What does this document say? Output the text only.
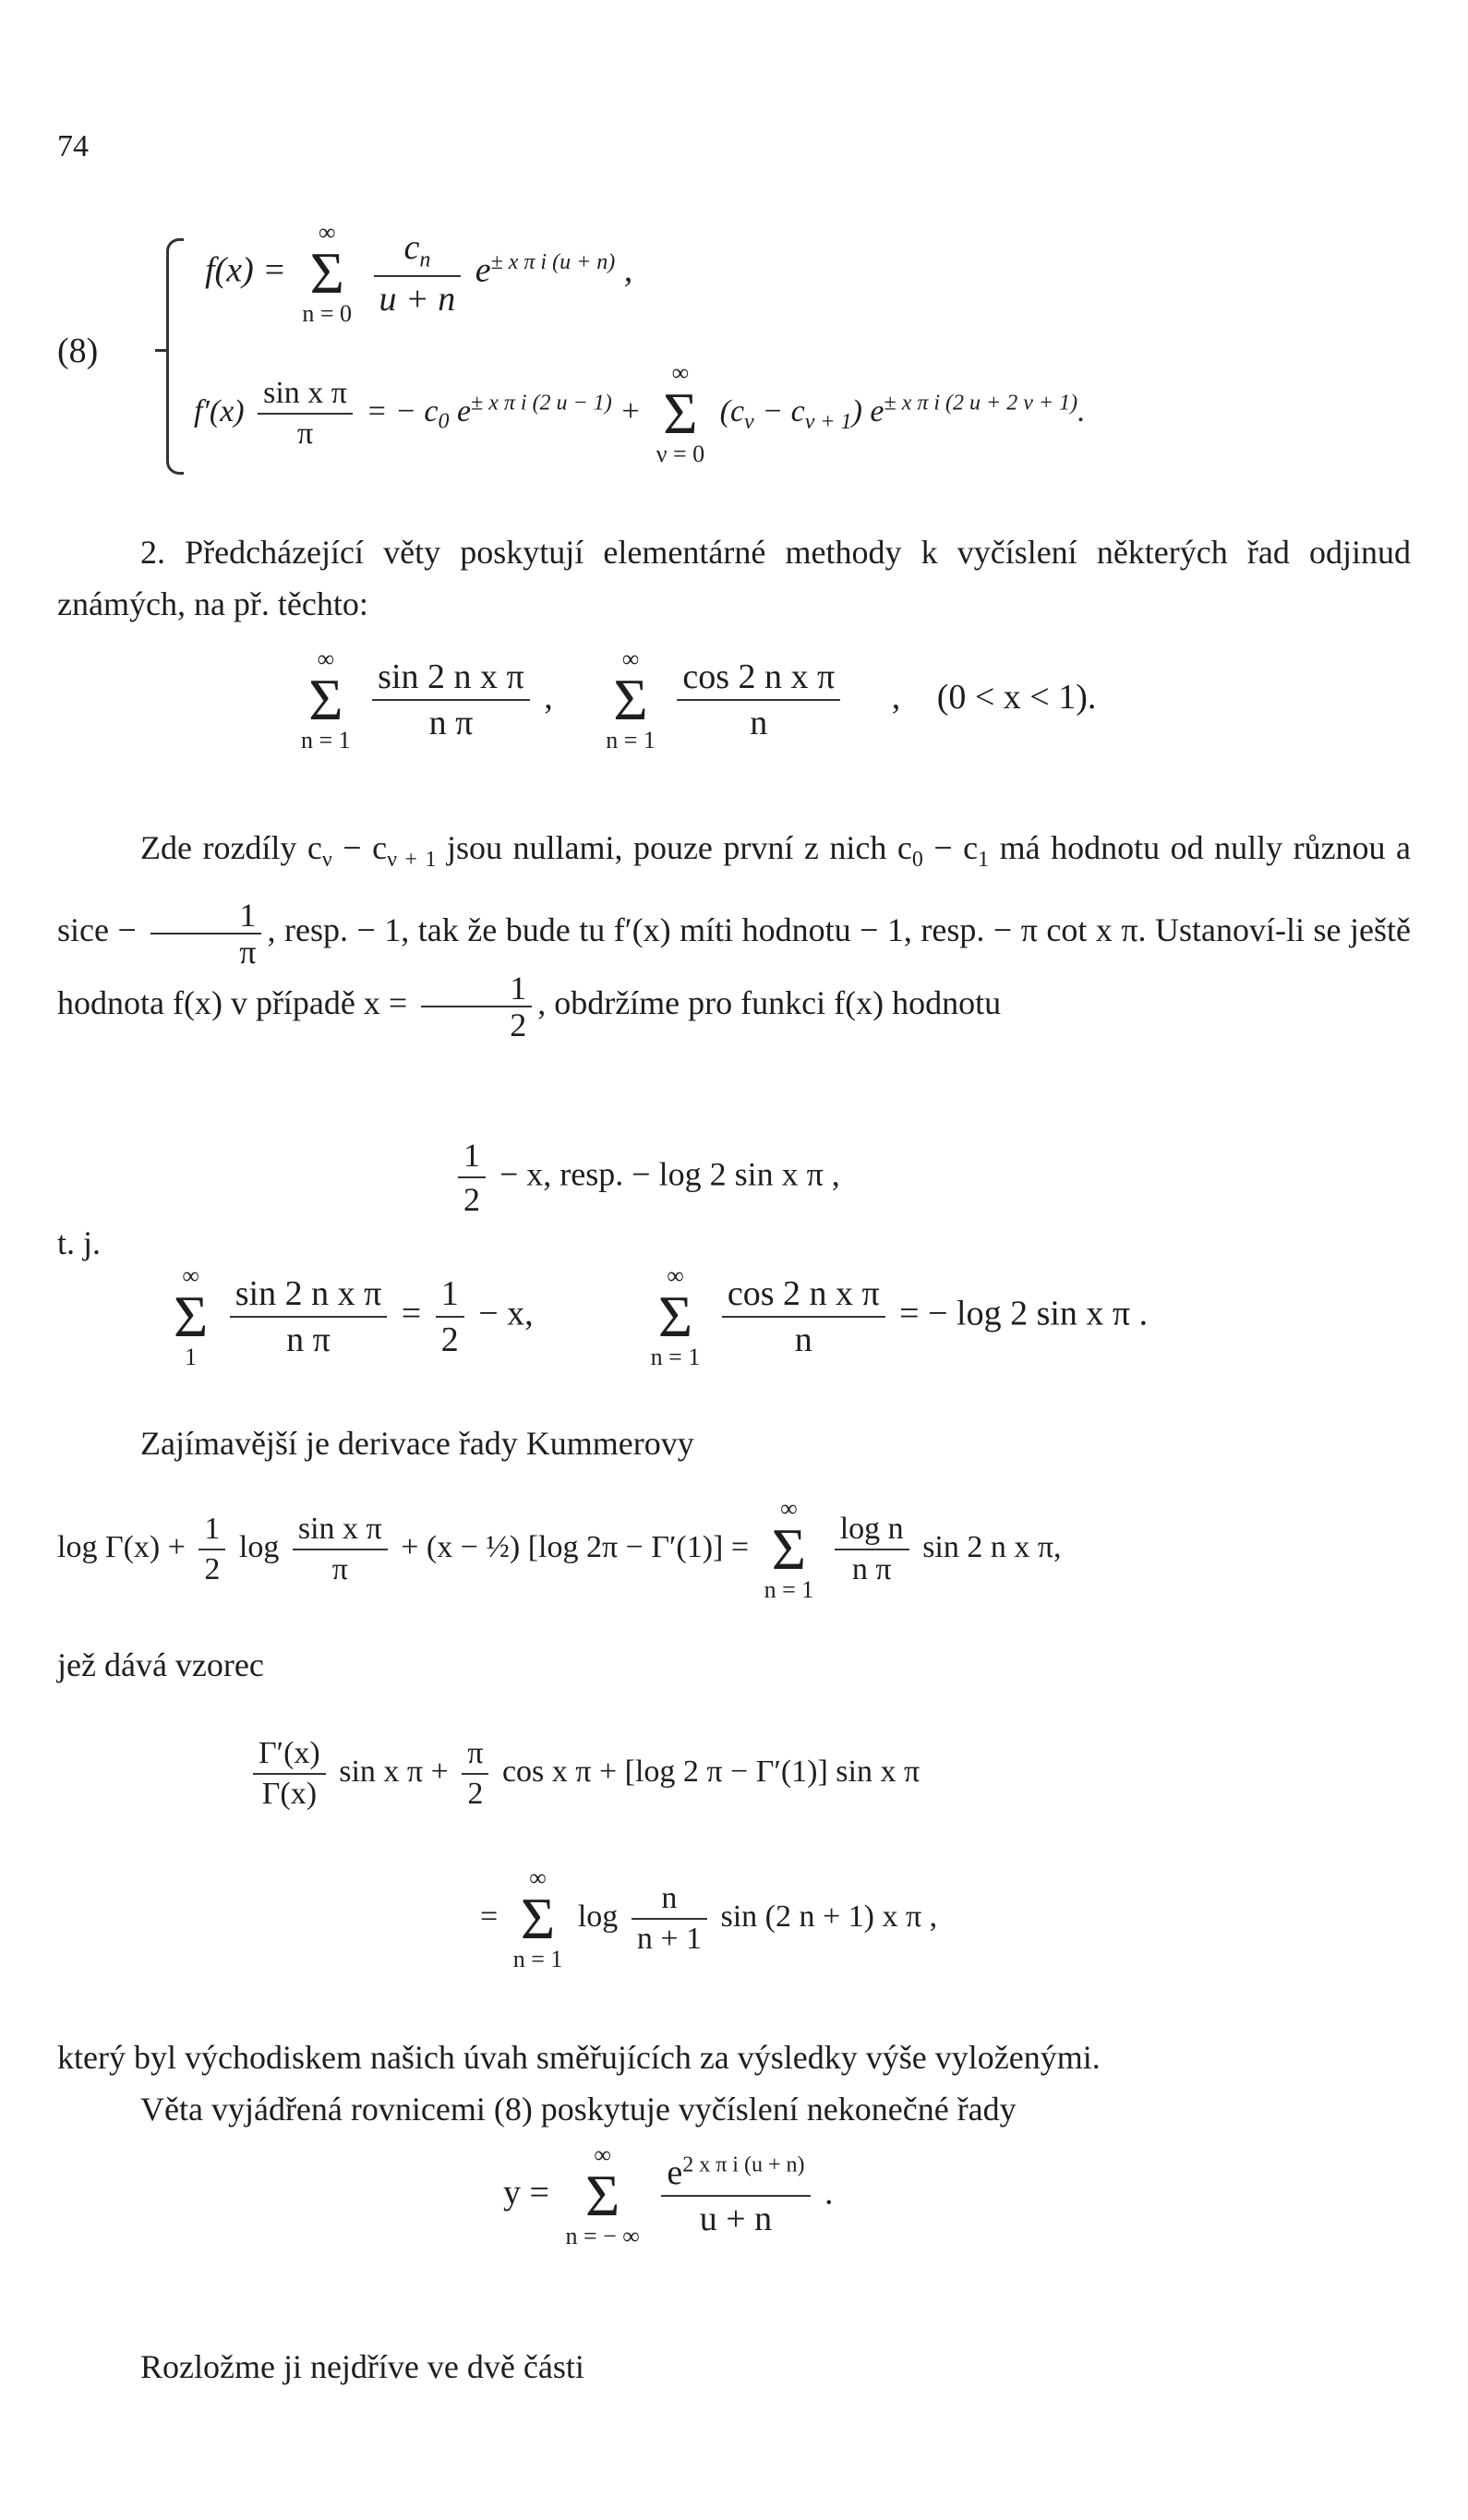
74
(8)
f(x) =
∞
Σ
n = 0
$\frac{c_n}{u + n} e^{\pm x \pi i (u + n)}$ ,
$f'(x) \frac{\text{sin x π}}{\pi}$ = − $c_0$ $e^{\pm x \pi i (2 u - 1)}$ +
∞
Σ
ν = 0
$(c_\nu - c_{\nu + 1})$ $e^{\pm x \pi i (2 u + 2 \nu + 1)}$.
2. Předcházející věty poskytují elementárné methody k vyčíslení některých řad odjinud známých, na př. těchto:
∞
Σ
n = 1
$\frac{\text{sin 2 n x π}}{\text{n π}}$ ,
∞
Σ
n = 1
$\frac{\text{cos 2 n x π}}{n}$ , (0 < x < 1).
Zde rozdíly $c_\nu - c_{\nu + 1}$ jsou nullami, pouze první z nich $c_0 - c_1$ má hodnotu od nully různou a sice − $\frac{1}{\pi}$ , resp. − 1, tak že bude tu f′(x) míti hodnotu − 1, resp. − π cot x π. Ustanoví-li se ještě hodnota f(x) v případě $x = \frac{1}{2}$ , obdržíme pro funkci f(x) hodnotu
$\frac{1}{2} - x$, resp. − log 2 sin x π ,
t. j.
∞
Σ
1
$\frac{\text{sin 2 n x π}}{\text{n π}} = \frac{1}{2} - x$,
∞
Σ
n = 1
$\frac{\text{cos 2 n x π}}{n}$ = − log 2 sin x π .
Zajímavější je derivace řady Kummerovy
$\log \Gamma(x) + \frac{1}{2}$ $\log \frac{\text{sin x π}}{\pi} + (x$ − ½) [log 2π − Γ′(1)] =
∞
Σ
n = 1

$\frac{\text{log n}}{\text{n π}}$ sin 2 n x π,
jež dává vzorec
$\frac{\Gamma'(x)}{\Gamma(x)}$ sin x $\pi + \frac{\pi}{2}$ cos x π + [log 2 π − Γ′(1)] sin x π
=
∞
Σ
n = 1
$\log \frac{n}{n + 1}$ sin (2 n + 1) x π ,
který byl východiskem našich úvah směřujících za výsledky výše vyloženými.
Věta vyjádřená rovnicemi (8) poskytuje vyčíslení nekonečné řady
y =
∞
Σ
n = − ∞
$\frac{e^{2 x \pi i (u + n)}}{u + n}$ .
Rozložme ji nejdříve ve dvě části
